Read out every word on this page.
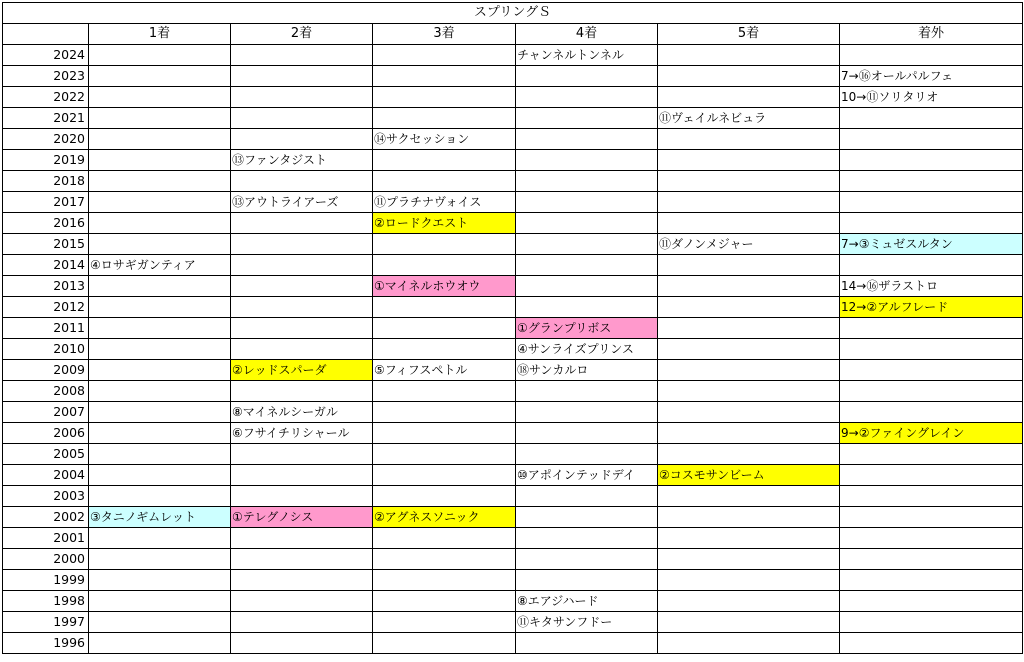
スプリングＳ						
	1着	2着	3着	4着	5着	着外
2024				チャンネルトンネル		
2023						7→⑯オールパルフェ
2022						10→⑪ソリタリオ
2021					⑪ヴェイルネビュラ	
2020			⑭サクセッション			
2019		⑬ファンタジスト				
2018						
2017		⑬アウトライアーズ	⑪プラチナヴォイス			
2016			②ロードクエスト			
2015					⑪ダノンメジャー	7→③ミュゼスルタン
2014	④ロサギガンティア					
2013			①マイネルホウオウ			14→⑯ザラストロ
2012						12→②アルフレード
2011				①グランプリボス		
2010				④サンライズプリンス		
2009		②レッドスパーダ	⑤フィフスペトル	⑱サンカルロ		
2008						
2007		⑧マイネルシーガル				
2006		⑥フサイチリシャール				9→②ファイングレイン
2005						
2004				⑩アポインテッドデイ	②コスモサンビーム	
2003						
2002	③タニノギムレット	①テレグノシス	②アグネスソニック			
2001						
2000						
1999						
1998				⑧エアジハード		
1997				⑪キタサンフドー		
1996						
